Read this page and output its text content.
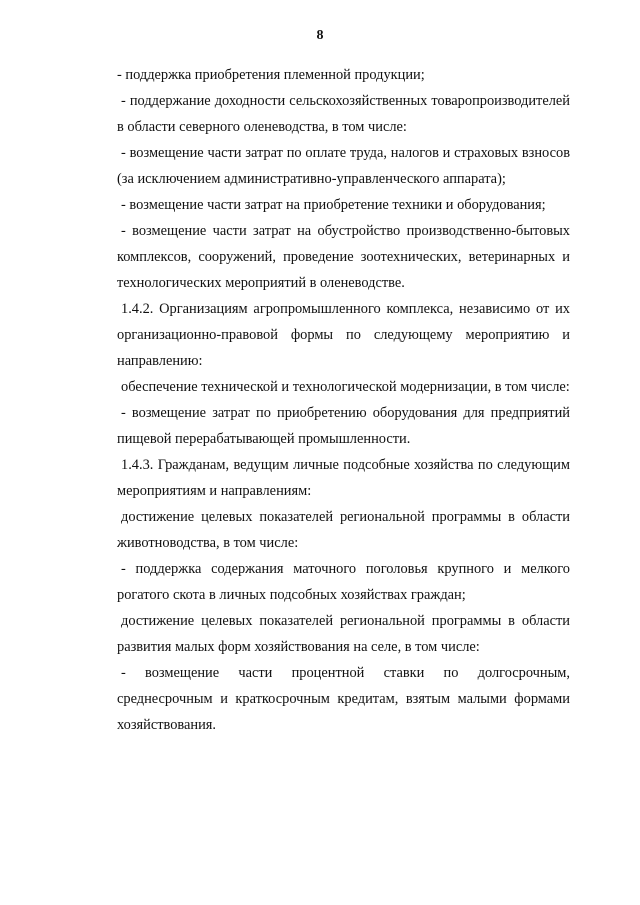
8

- поддержка приобретения племенной продукции;

- поддержание доходности сельскохозяйственных товаропроизводителей в области северного оленеводства, в том числе:

- возмещение части затрат по оплате труда, налогов и страховых взносов (за исключением административно-управленческого аппарата);

- возмещение части затрат на приобретение техники и оборудования;

- возмещение части затрат на обустройство производственно-бытовых комплексов, сооружений, проведение зоотехнических, ветеринарных и технологических мероприятий в оленеводстве.

1.4.2. Организациям агропромышленного комплекса, независимо от их организационно-правовой формы по следующему мероприятию и направлению:

обеспечение технической и технологической модернизации, в том числе:

- возмещение затрат по приобретению оборудования для предприятий пищевой перерабатывающей промышленности.

1.4.3. Гражданам, ведущим личные подсобные хозяйства по следующим мероприятиям и направлениям:

достижение целевых показателей региональной программы в области животноводства, в том числе:

- поддержка содержания маточного поголовья крупного и мелкого рогатого скота в личных подсобных хозяйствах граждан;

достижение целевых показателей региональной программы в области развития малых форм хозяйствования на селе, в том числе:

- возмещение части процентной ставки по долгосрочным, среднесрочным и краткосрочным кредитам, взятым малыми формами хозяйствования.
